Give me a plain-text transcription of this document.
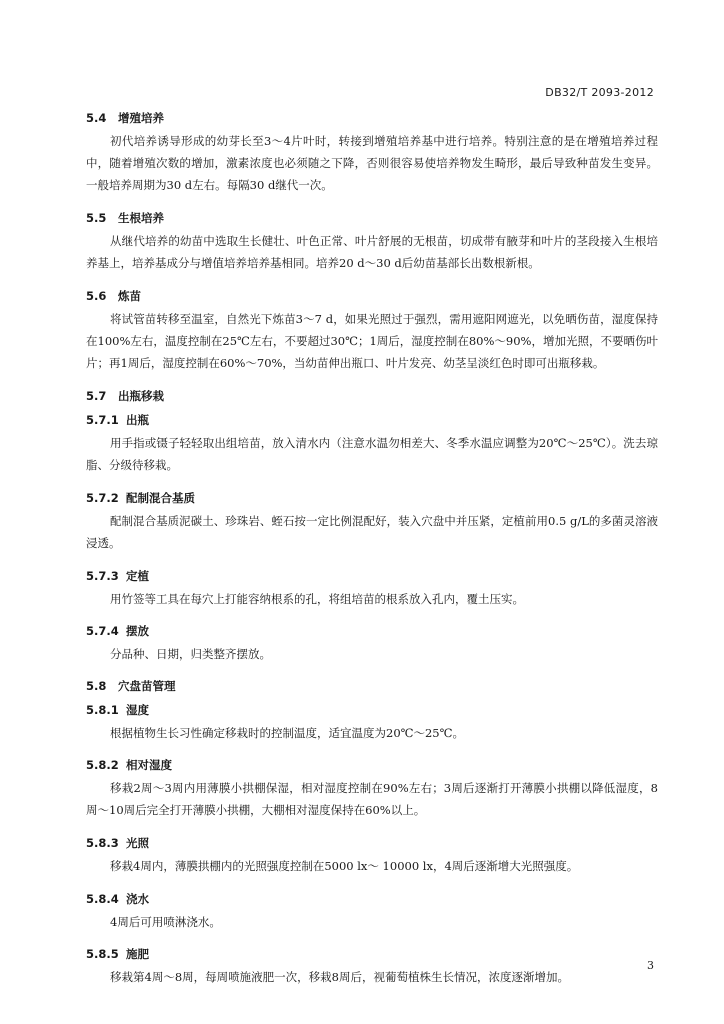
DB32/T 2093-2012
5.4 增殖培养

初代培养诱导形成的幼芽长至3～4片叶时，转接到增殖培养基中进行培养。特别注意的是在增殖培养过程中，随着增殖次数的增加，激素浓度也必须随之下降，否则很容易使培养物发生畸形，最后导致种苗发生变异。一般培养周期为30 d左右。每隔30 d继代一次。

5.5 生根培养

从继代培养的幼苗中选取生长健壮、叶色正常、叶片舒展的无根苗，切成带有腋芽和叶片的茎段接入生根培养基上，培养基成分与增值培养培养基相同。培养20 d～30 d后幼苗基部长出数根新根。

5.6 炼苗

将试管苗转移至温室，自然光下炼苗3～7 d，如果光照过于强烈，需用遮阳网遮光，以免晒伤苗，湿度保持在100%左右，温度控制在25℃左右，不要超过30℃；1周后，湿度控制在80%～90%，增加光照，不要晒伤叶片；再1周后，湿度控制在60%～70%，当幼苗伸出瓶口、叶片发亮、幼茎呈淡红色时即可出瓶移栽。

5.7 出瓶移栽
5.7.1 出瓶

用手指或镊子轻轻取出组培苗，放入清水内（注意水温勿相差大、冬季水温应调整为20℃～25℃）。洗去琼脂、分级待移栽。

5.7.2 配制混合基质

配制混合基质泥碳土、珍珠岩、蛭石按一定比例混配好，装入穴盘中并压紧，定植前用0.5 g/L的多菌灵溶液浸透。

5.7.3 定植

用竹签等工具在每穴上打能容纳根系的孔，将组培苗的根系放入孔内，覆土压实。

5.7.4 摆放

分品种、日期，归类整齐摆放。

5.8 穴盘苗管理
5.8.1 湿度

根据植物生长习性确定移栽时的控制温度，适宜温度为20℃～25℃。

5.8.2 相对湿度

移栽2周～3周内用薄膜小拱棚保湿，相对湿度控制在90%左右；3周后逐渐打开薄膜小拱棚以降低湿度，8周～10周后完全打开薄膜小拱棚，大棚相对湿度保持在60%以上。

5.8.3 光照

移栽4周内，薄膜拱棚内的光照强度控制在5000 lx～ 10000 lx，4周后逐渐增大光照强度。

5.8.4 浇水

4周后可用喷淋浇水。

5.8.5 施肥

移栽第4周～8周，每周喷施液肥一次，移栽8周后，视葡萄植株生长情况，浓度逐渐增加。

3
